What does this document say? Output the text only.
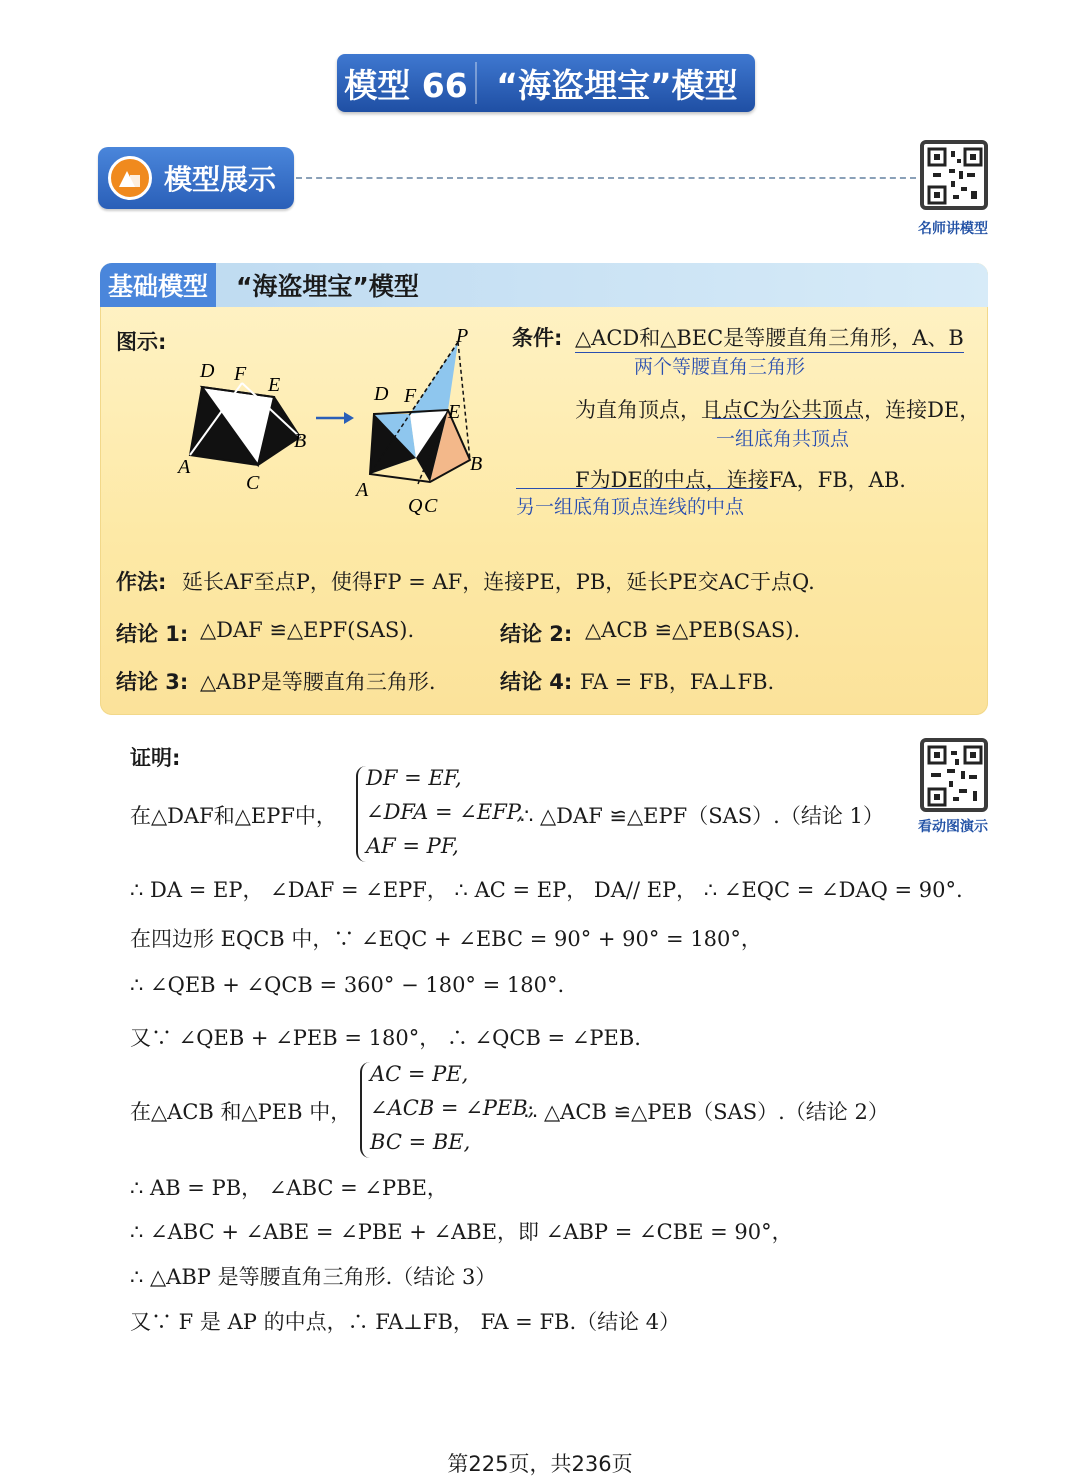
模型 66 “海盗埋宝”模型
模型展示
名师讲模型
基础模型	“海盗埋宝”模型
图示:
D F E
B
A
C
P
D F
E
B
A
Q C
条件: △ACD和△BEC是等腰直角三角形，A、B
两个等腰直角三角形
为直角顶点，且点C为公共顶点，连接DE，
一组底角共顶点
F为DE的中点，连接FA，FB，AB.
另一组底角顶点连线的中点
作法: 延长AF至点P，使得FP = AF，连接PE，PB，延长PE交AC于点Q.
结论 1: △DAF ≌△EPF(SAS).	结论 2: △ACB ≌△PEB(SAS).
结论 3: △ABP是等腰直角三角形.	结论 4: FA = FB，FA⊥FB.
看动图演示
证明:
在△DAF和△EPF中，
DF = EF,
∠DFA = ∠EFP,
AF = PF,
∴ △DAF ≌△EPF（SAS）.（结论 1）
∴ DA = EP， ∠DAF = ∠EPF， ∴ AC = EP， DA// EP， ∴ ∠EQC = ∠DAQ = 90°.
在四边形 EQCB 中，∵ ∠EQC + ∠EBC = 90° + 90° = 180°，
∴ ∠QEB + ∠QCB = 360° − 180° = 180°.
又∵ ∠QEB + ∠PEB = 180°， ∴ ∠QCB = ∠PEB.
在△ACB 和△PEB 中，
AC = PE,
∠ACB = ∠PEB,
BC = BE,
∴ △ACB ≌△PEB（SAS）.（结论 2）
∴ AB = PB， ∠ABC = ∠PBE，
∴ ∠ABC + ∠ABE = ∠PBE + ∠ABE，即 ∠ABP = ∠CBE = 90°，
∴ △ABP 是等腰直角三角形.（结论 3）
又∵ F 是 AP 的中点，∴ FA⊥FB， FA = FB.（结论 4）
第225页，共236页
